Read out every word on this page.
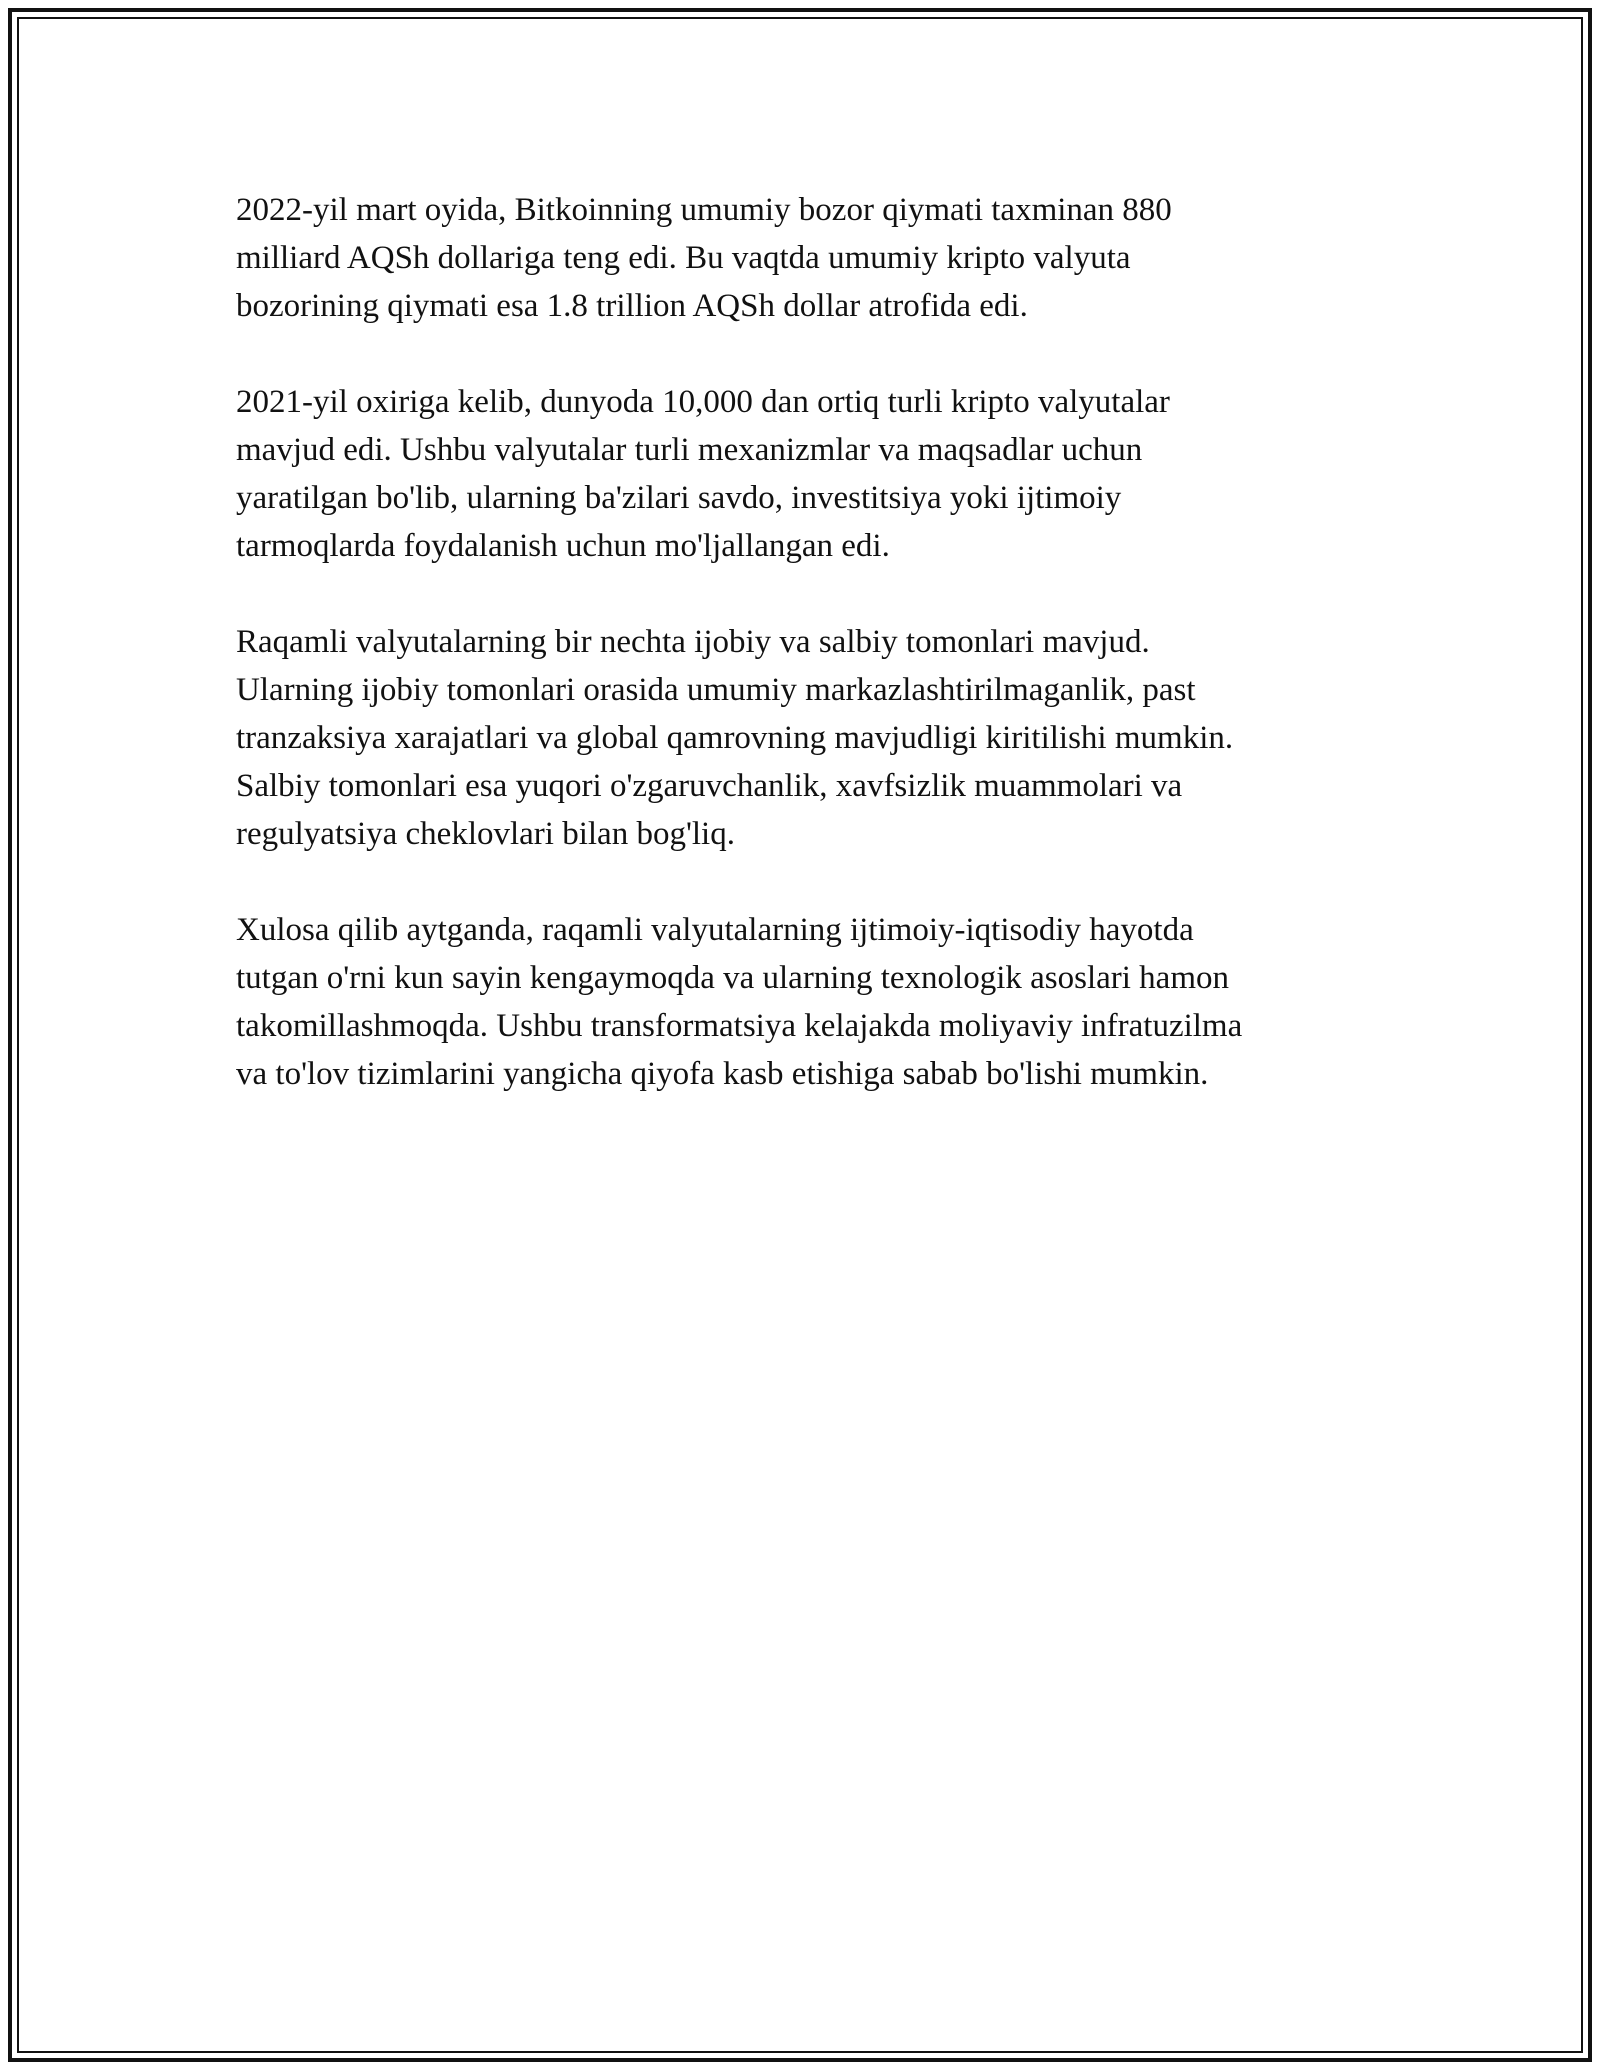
2022-yil mart oyida, Bitkoinning umumiy bozor qiymati taxminan 880
milliard AQSh dollariga teng edi. Bu vaqtda umumiy kripto valyuta
bozorining qiymati esa 1.8 trillion AQSh dollar atrofida edi.

2021-yil oxiriga kelib, dunyoda 10,000 dan ortiq turli kripto valyutalar
mavjud edi. Ushbu valyutalar turli mexanizmlar va maqsadlar uchun
yaratilgan bo'lib, ularning ba'zilari savdo, investitsiya yoki ijtimoiy
tarmoqlarda foydalanish uchun mo'ljallangan edi.

Raqamli valyutalarning bir nechta ijobiy va salbiy tomonlari mavjud.
Ularning ijobiy tomonlari orasida umumiy markazlashtirilmaganlik, past
tranzaksiya xarajatlari va global qamrovning mavjudligi kiritilishi mumkin.
Salbiy tomonlari esa yuqori o'zgaruvchanlik, xavfsizlik muammolari va
regulyatsiya cheklovlari bilan bog'liq.

Xulosa qilib aytganda, raqamli valyutalarning ijtimoiy-iqtisodiy hayotda
tutgan o'rni kun sayin kengaymoqda va ularning texnologik asoslari hamon
takomillashmoqda. Ushbu transformatsiya kelajakda moliyaviy infratuzilma
va to'lov tizimlarini yangicha qiyofa kasb etishiga sabab bo'lishi mumkin.
